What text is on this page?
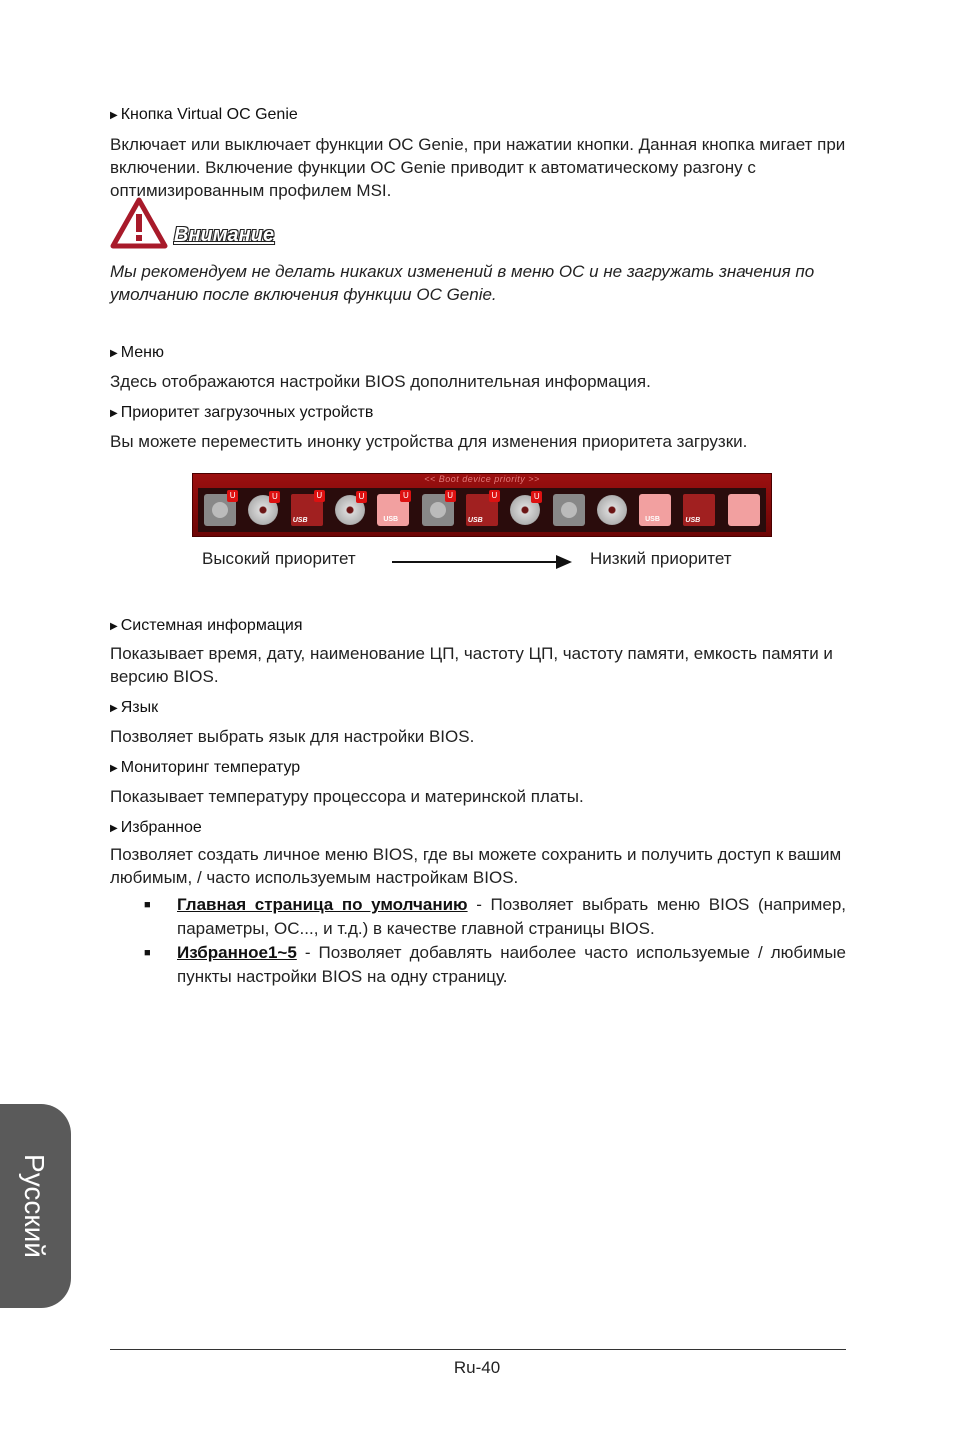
▶ Кнопка Virtual OC Genie
Включает или выключает функции OC Genie, при нажатии кнопки. Данная кнопка мигает при включении. Включение функции OC Genie приводит к автоматическому разгону с оптимизированным профилем MSI.
Внимание
Мы рекомендуем не делать никаких изменений в меню OC и не загружать значения по умолчанию после включения функции OC Genie.
▶ Меню
Здесь отображаются настройки BIOS дополнительная информация.
▶ Приоритет загрузочных устройств
Вы можете переместить инонку устройства для изменения приоритета загрузки.
<< Boot device priority >>
U	U
USB
U	U
USB
U	U
USB
U	U
USB	USB
Высокий приоритет	Низкий приоритет
▶ Системная информация
Показывает время, дату, наименование ЦП, частоту ЦП, частоту памяти, емкость памяти и версию BIOS.
▶ Язык
Позволяет выбрать язык для настройки BIOS.
▶ Мониторинг температур
Показывает температуру процессора и материнской платы.
▶ Избранное
Позволяет создать личное меню BIOS, где вы можете сохранить и получить доступ к вашим любимым, / часто используемым настройкам BIOS.
■ Главная страница по умолчанию - Позволяет выбрать меню BIOS (например, параметры, OC..., и т.д.) в качестве главной страницы BIOS.
■ Избранное1~5 - Позволяет добавлять наиболее часто используемые / любимые пункты настройки BIOS на одну страницу.
Русский
Ru-40
